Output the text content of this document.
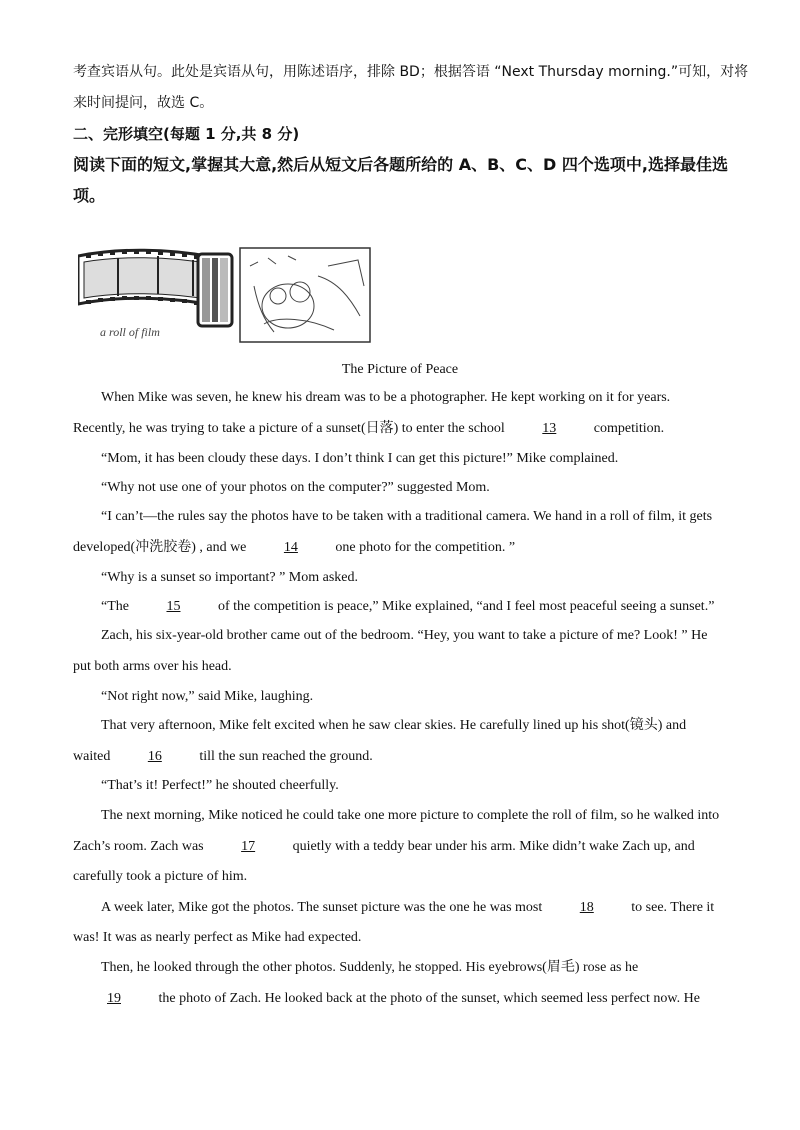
考查宾语从句。此处是宾语从句，用陈述语序，排除 BD；根据答语 “Next Thursday morning.”可知，对将
来时间提问，故选 C。
二、完形填空(每题 1 分,共 8 分)
阅读下面的短文,掌握其大意,然后从短文后各题所给的 A、B、C、D 四个选项中,选择最佳选
项。
a roll of film
The Picture of Peace
When Mike was seven, he knew his dream was to be a photographer. He kept working on it for years.
Recently, he was trying to take a picture of a sunset(日落) to enter the school 13 competition.
“Mom, it has been cloudy these days. I don’t think I can get this picture!” Mike complained.
“Why not use one of your photos on the computer?” suggested Mom.
“I can’t—the rules say the photos have to be taken with a traditional camera. We hand in a roll of film, it gets
developed(冲洗胶卷) , and we 14 one photo for the competition. ”
“Why is a sunset so important? ” Mom asked.
“The 15 of the competition is peace,” Mike explained, “and I feel most peaceful seeing a sunset.”
Zach, his six-year-old brother came out of the bedroom. “Hey, you want to take a picture of me? Look! ” He
put both arms over his head.
“Not right now,” said Mike, laughing.
That very afternoon, Mike felt excited when he saw clear skies. He carefully lined up his shot(镜头) and
waited 16 till the sun reached the ground.
“That’s it! Perfect!” he shouted cheerfully.
The next morning, Mike noticed he could take one more picture to complete the roll of film, so he walked into
Zach’s room. Zach was 17 quietly with a teddy bear under his arm. Mike didn’t wake Zach up, and
carefully took a picture of him.
A week later, Mike got the photos. The sunset picture was the one he was most 18 to see. There it
was! It was as nearly perfect as Mike had expected.
Then, he looked through the other photos. Suddenly, he stopped. His eyebrows(眉毛) rose as he
19 the photo of Zach. He looked back at the photo of the sunset, which seemed less perfect now. He
